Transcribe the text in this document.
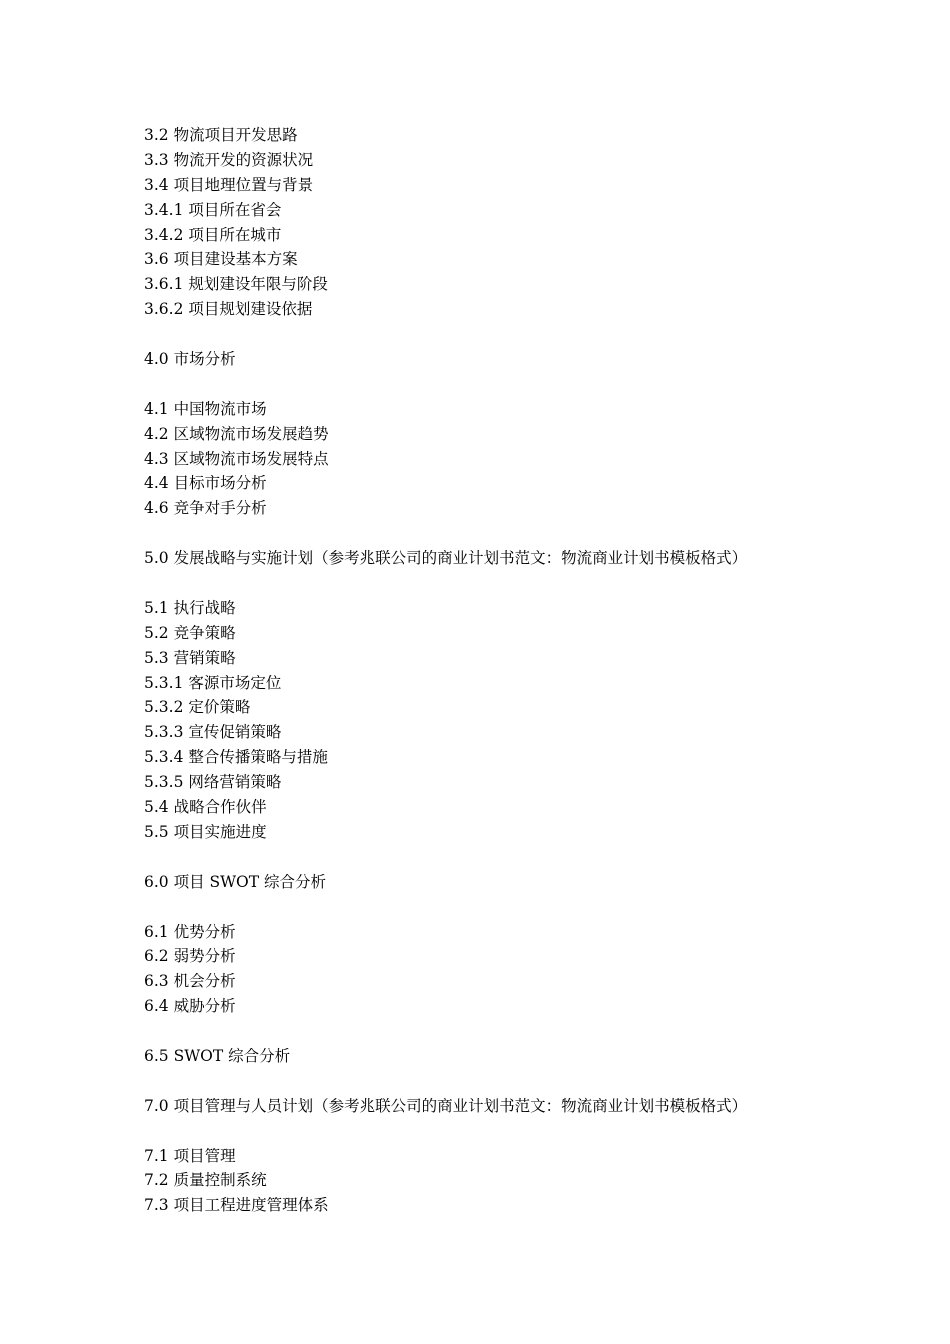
3.2 物流项目开发思路
3.3 物流开发的资源状况
3.4 项目地理位置与背景
3.4.1 项目所在省会
3.4.2 项目所在城市
3.6 项目建设基本方案
3.6.1 规划建设年限与阶段
3.6.2 项目规划建设依据
4.0 市场分析
4.1 中国物流市场
4.2 区域物流市场发展趋势
4.3 区域物流市场发展特点
4.4 目标市场分析
4.6 竞争对手分析
5.0 发展战略与实施计划（参考兆联公司的商业计划书范文：物流商业计划书模板格式）
5.1 执行战略
5.2 竞争策略
5.3 营销策略
5.3.1 客源市场定位
5.3.2 定价策略
5.3.3 宣传促销策略
5.3.4 整合传播策略与措施
5.3.5 网络营销策略
5.4 战略合作伙伴
5.5 项目实施进度
6.0 项目 SWOT 综合分析
6.1 优势分析
6.2 弱势分析
6.3 机会分析
6.4 威胁分析
6.5 SWOT 综合分析
7.0 项目管理与人员计划（参考兆联公司的商业计划书范文：物流商业计划书模板格式）
7.1 项目管理
7.2 质量控制系统
7.3 项目工程进度管理体系
